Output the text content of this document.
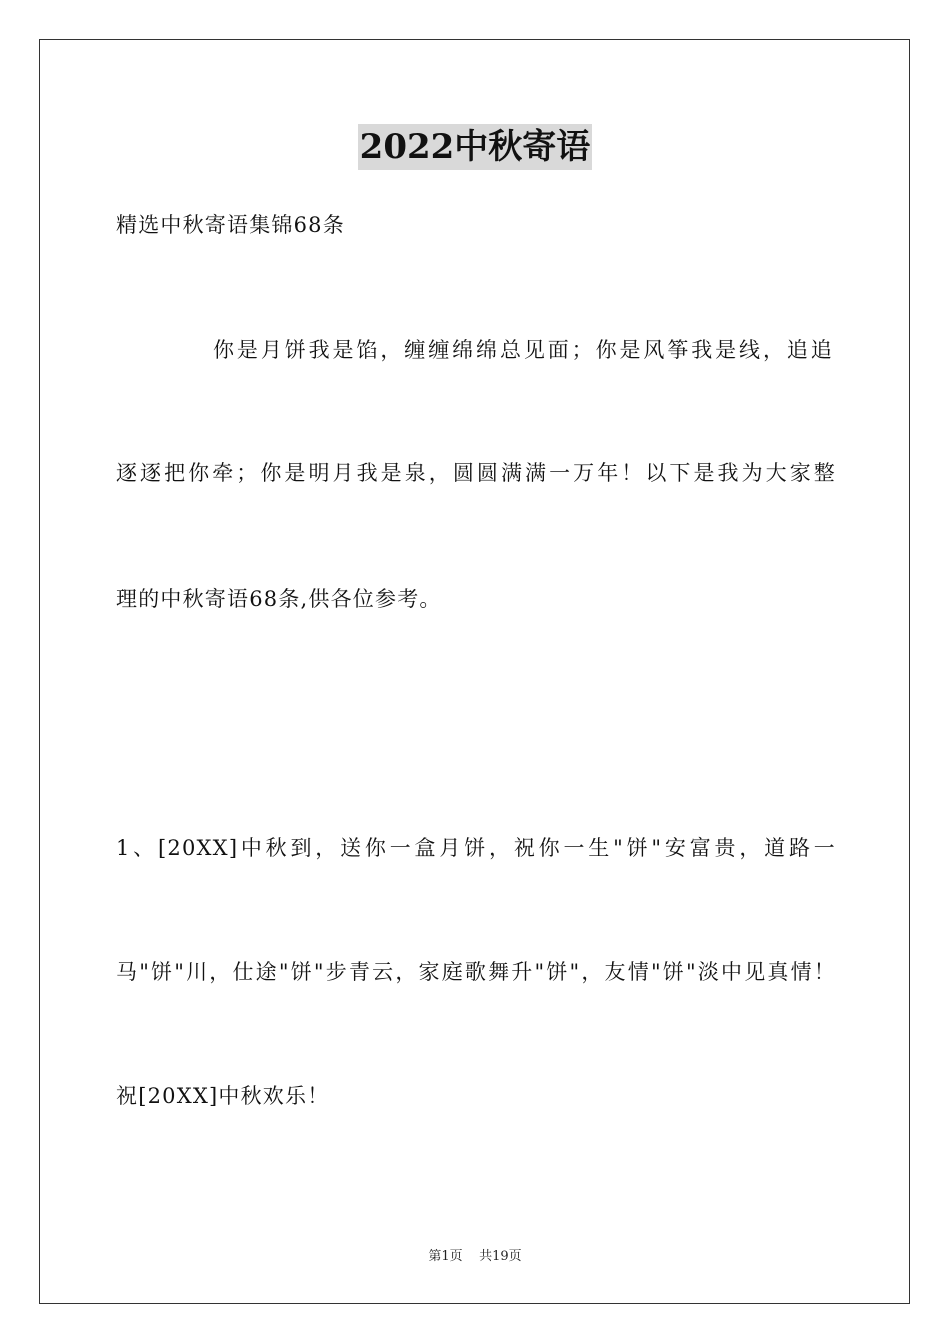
2022中秋寄语
精选中秋寄语集锦68条
你是月饼我是馅，缠缠绵绵总见面；你是风筝我是线，追追
逐逐把你牵；你是明月我是泉，圆圆满满一万年！以下是我为大家整
理的中秋寄语68条,供各位参考。
1、[20XX]中秋到，送你一盒月饼，祝你一生"饼"安富贵，道路一
马"饼"川，仕途"饼"步青云，家庭歌舞升"饼"，友情"饼"淡中见真情！
祝[20XX]中秋欢乐！
第1页 共19页
